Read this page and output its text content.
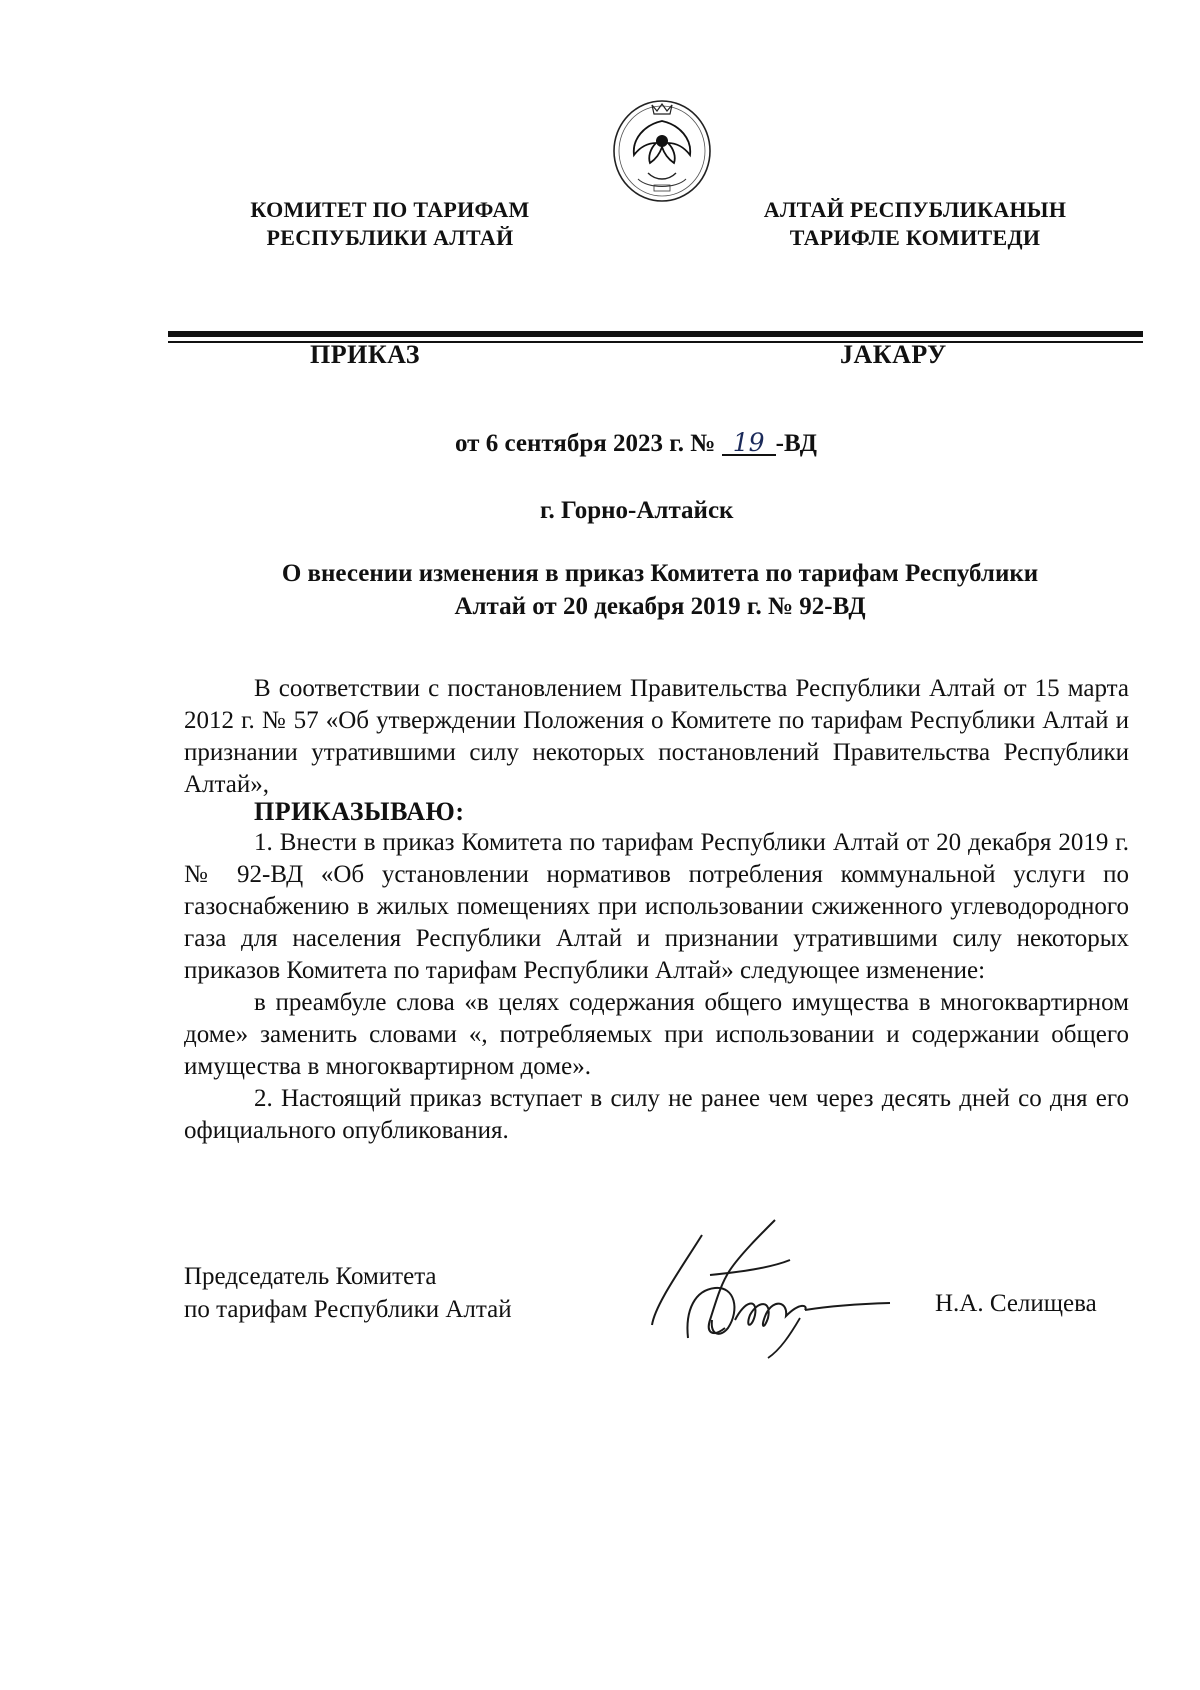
КОМИТЕТ ПО ТАРИФАМ
РЕСПУБЛИКИ АЛТАЙ
АЛТАЙ РЕСПУБЛИКАНЫН
ТАРИФЛЕ КОМИТЕДИ
ПРИКАЗ	JАКАРУ
от 6 сентября 2023 г. № 19 -ВД
г. Горно-Алтайск
О внесении изменения в приказ Комитета по тарифам Республики
Алтай от 20 декабря 2019 г. № 92-ВД

В соответствии с постановлением Правительства Республики Алтай от 15 марта 2012 г. № 57 «Об утверждении Положения о Комитете по тарифам Республики Алтай и признании утратившими силу некоторых постановлений Правительства Республики Алтай»,

ПРИКАЗЫВАЮ:

1. Внести в приказ Комитета по тарифам Республики Алтай от 20 декабря 2019 г. № 92-ВД «Об установлении нормативов потребления коммунальной услуги по газоснабжению в жилых помещениях при использовании сжиженного углеводородного газа для населения Республики Алтай и признании утратившими силу некоторых приказов Комитета по тарифам Республики Алтай» следующее изменение:

в преамбуле слова «в целях содержания общего имущества в многоквартирном доме» заменить словами «, потребляемых при использовании и содержании общего имущества в многоквартирном доме».

2. Настоящий приказ вступает в силу не ранее чем через десять дней со дня его официального опубликования.

Председатель Комитета
по тарифам Республики Алтай	Н.А. Селищева
